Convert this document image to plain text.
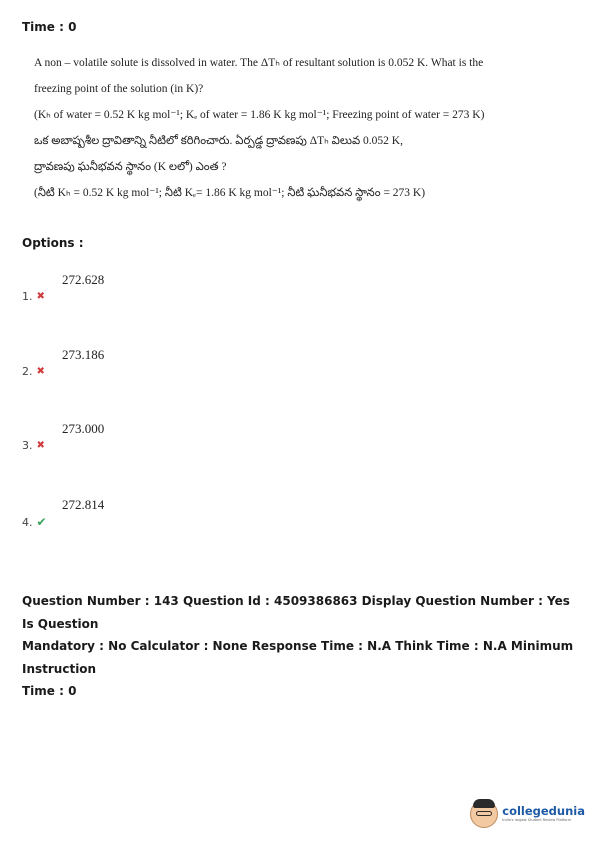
Time : 0
A non – volatile solute is dissolved in water. The ΔTₕ of resultant solution is 0.052 K. What is the
freezing point of the solution (in K)?
(Kₕ of water = 0.52 K kg mol⁻¹; Kₑ of water = 1.86 K kg mol⁻¹; Freezing point of water = 273 K)
ఒక అబాష్పశీల ద్రావితాన్ని నీటిలో కరిగించారు. ఏర్పడ్డ ద్రావణపు ΔTₕ విలువ 0.052 K,
ద్రావణపు ఘనీభవన స్థానం (K లలో) ఎంత ?
(నీటి Kₕ = 0.52 K kg mol⁻¹; నీటి Kₑ= 1.86 K kg mol⁻¹; నీటి ఘనీభవన స్థానం = 273 K)
Options :
272.628
1. ✖
273.186
2. ✖
273.000
3. ✖
272.814
4. ✔
Question Number : 143 Question Id : 4509386863 Display Question Number : Yes Is Question
Mandatory : No Calculator : None Response Time : N.A Think Time : N.A Minimum Instruction
Time : 0
collegedunia
India's largest Student Review Platform
